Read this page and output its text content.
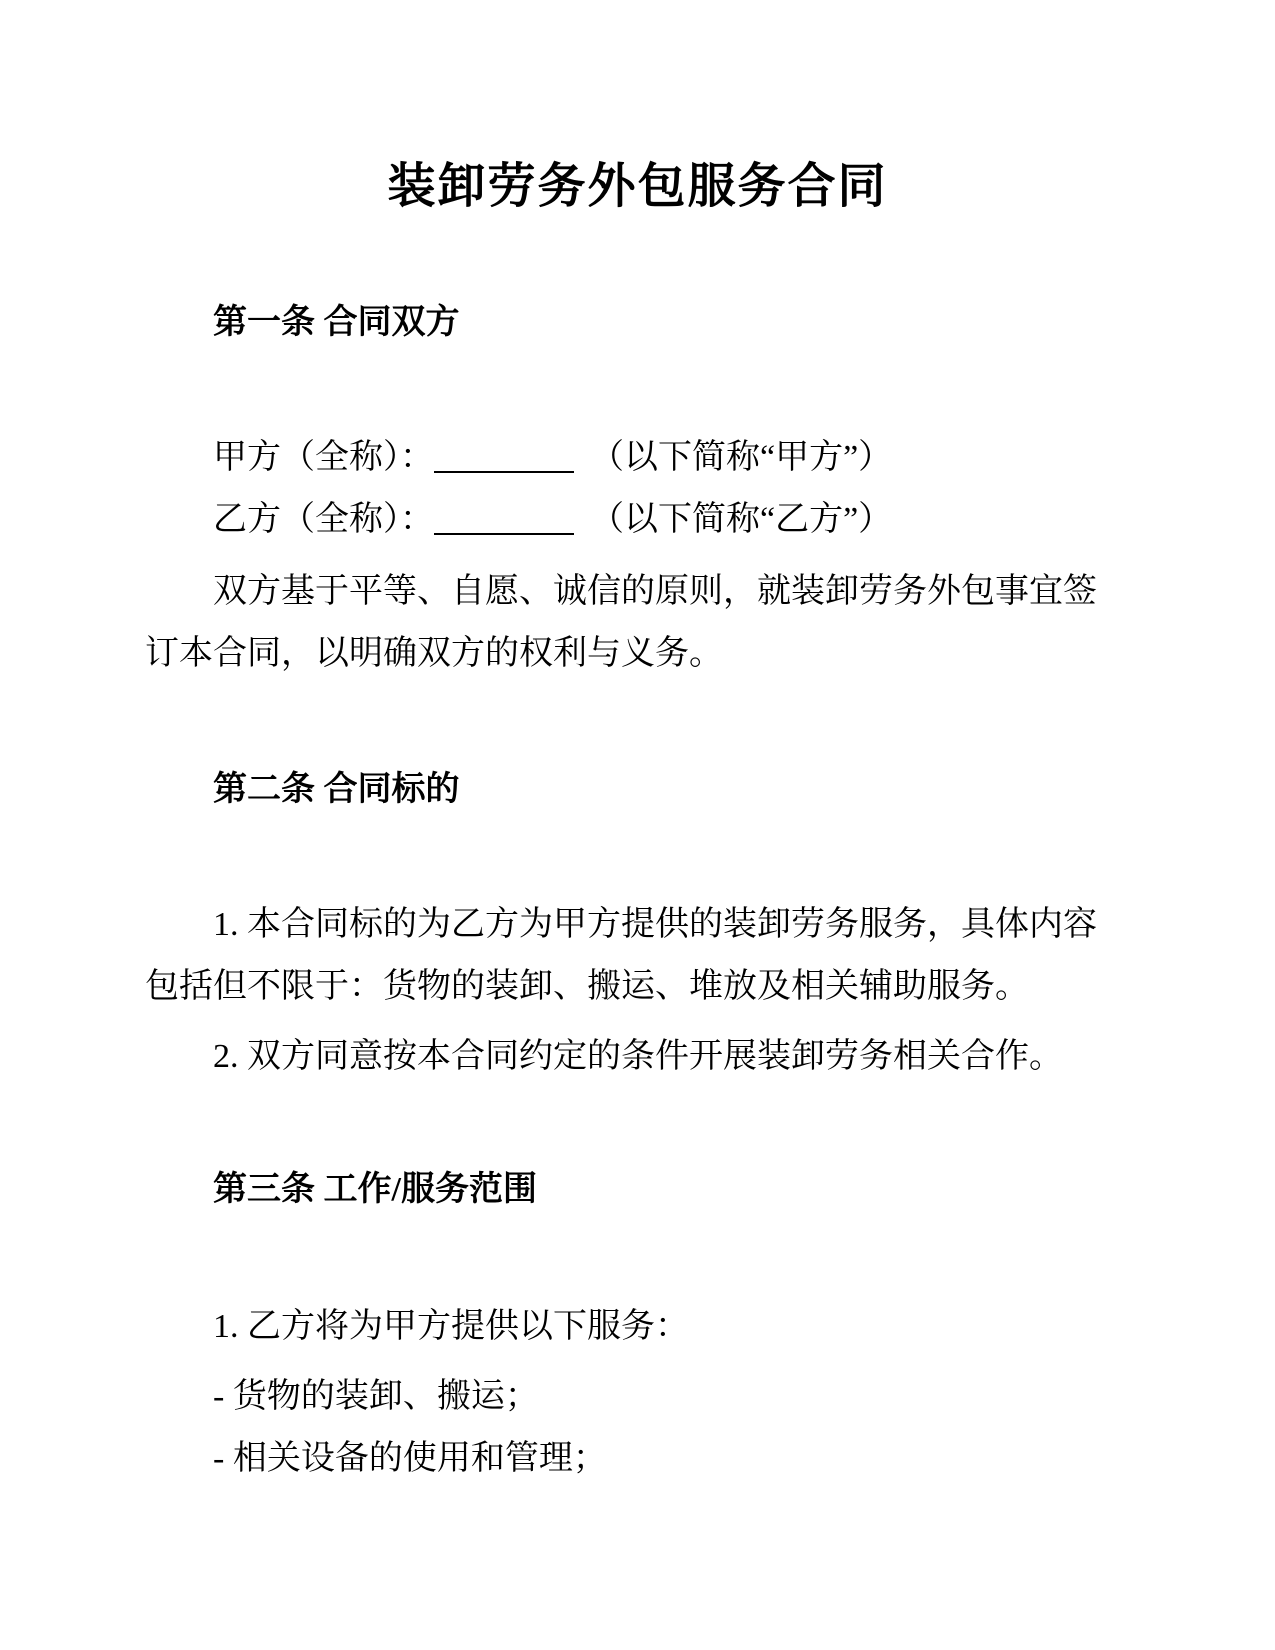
装卸劳务外包服务合同
第一条 合同双方

甲方（全称）：	（以下简称“甲方”）

乙方（全称）：	（以下简称“乙方”）

双方基于平等、自愿、诚信的原则，就装卸劳务外包事宜签订本合同，以明确双方的权利与义务。

第二条 合同标的

1. 本合同标的为乙方为甲方提供的装卸劳务服务，具体内容包括但不限于：货物的装卸、搬运、堆放及相关辅助服务。

2. 双方同意按本合同约定的条件开展装卸劳务相关合作。

第三条 工作/服务范围

1. 乙方将为甲方提供以下服务：

- 货物的装卸、搬运；

- 相关设备的使用和管理；
